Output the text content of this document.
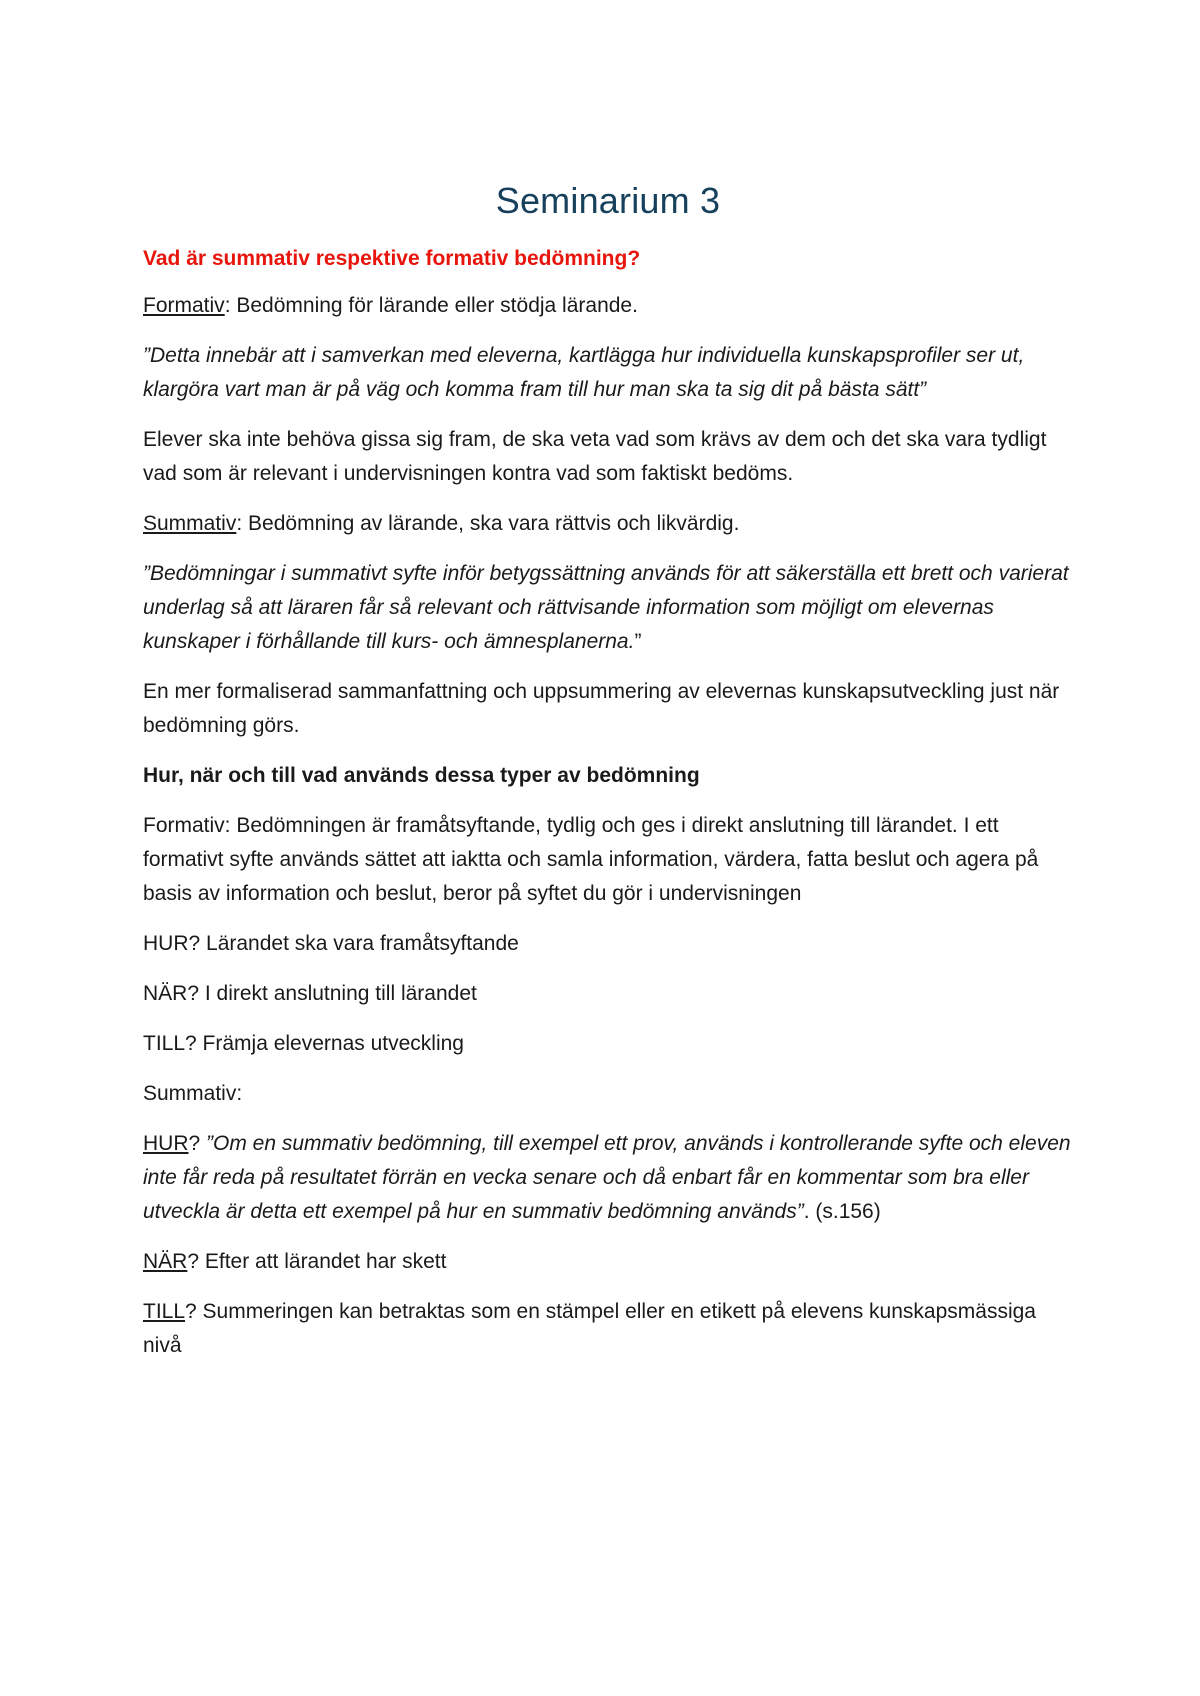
Seminarium 3

Vad är summativ respektive formativ bedömning?

Formativ: Bedömning för lärande eller stödja lärande.

”Detta innebär att i samverkan med eleverna, kartlägga hur individuella kunskapsprofiler ser ut, klargöra vart man är på väg och komma fram till hur man ska ta sig dit på bästa sätt”

Elever ska inte behöva gissa sig fram, de ska veta vad som krävs av dem och det ska vara tydligt vad som är relevant i undervisningen kontra vad som faktiskt bedöms.

Summativ: Bedömning av lärande, ska vara rättvis och likvärdig.

”Bedömningar i summativt syfte inför betygssättning används för att säkerställa ett brett och varierat underlag så att läraren får så relevant och rättvisande information som möjligt om elevernas kunskaper i förhållande till kurs- och ämnesplanerna.”

En mer formaliserad sammanfattning och uppsummering av elevernas kunskapsutveckling just när bedömning görs.

Hur, när och till vad används dessa typer av bedömning

Formativ: Bedömningen är framåtsyftande, tydlig och ges i direkt anslutning till lärandet. I ett formativt syfte används sättet att iaktta och samla information, värdera, fatta beslut och agera på basis av information och beslut, beror på syftet du gör i undervisningen

HUR? Lärandet ska vara framåtsyftande

NÄR? I direkt anslutning till lärandet

TILL? Främja elevernas utveckling

Summativ:

HUR? ”Om en summativ bedömning, till exempel ett prov, används i kontrollerande syfte och eleven inte får reda på resultatet förrän en vecka senare och då enbart får en kommentar som bra eller utveckla är detta ett exempel på hur en summativ bedömning används”. (s.156)

NÄR? Efter att lärandet har skett

TILL? Summeringen kan betraktas som en stämpel eller en etikett på elevens kunskapsmässiga nivå
